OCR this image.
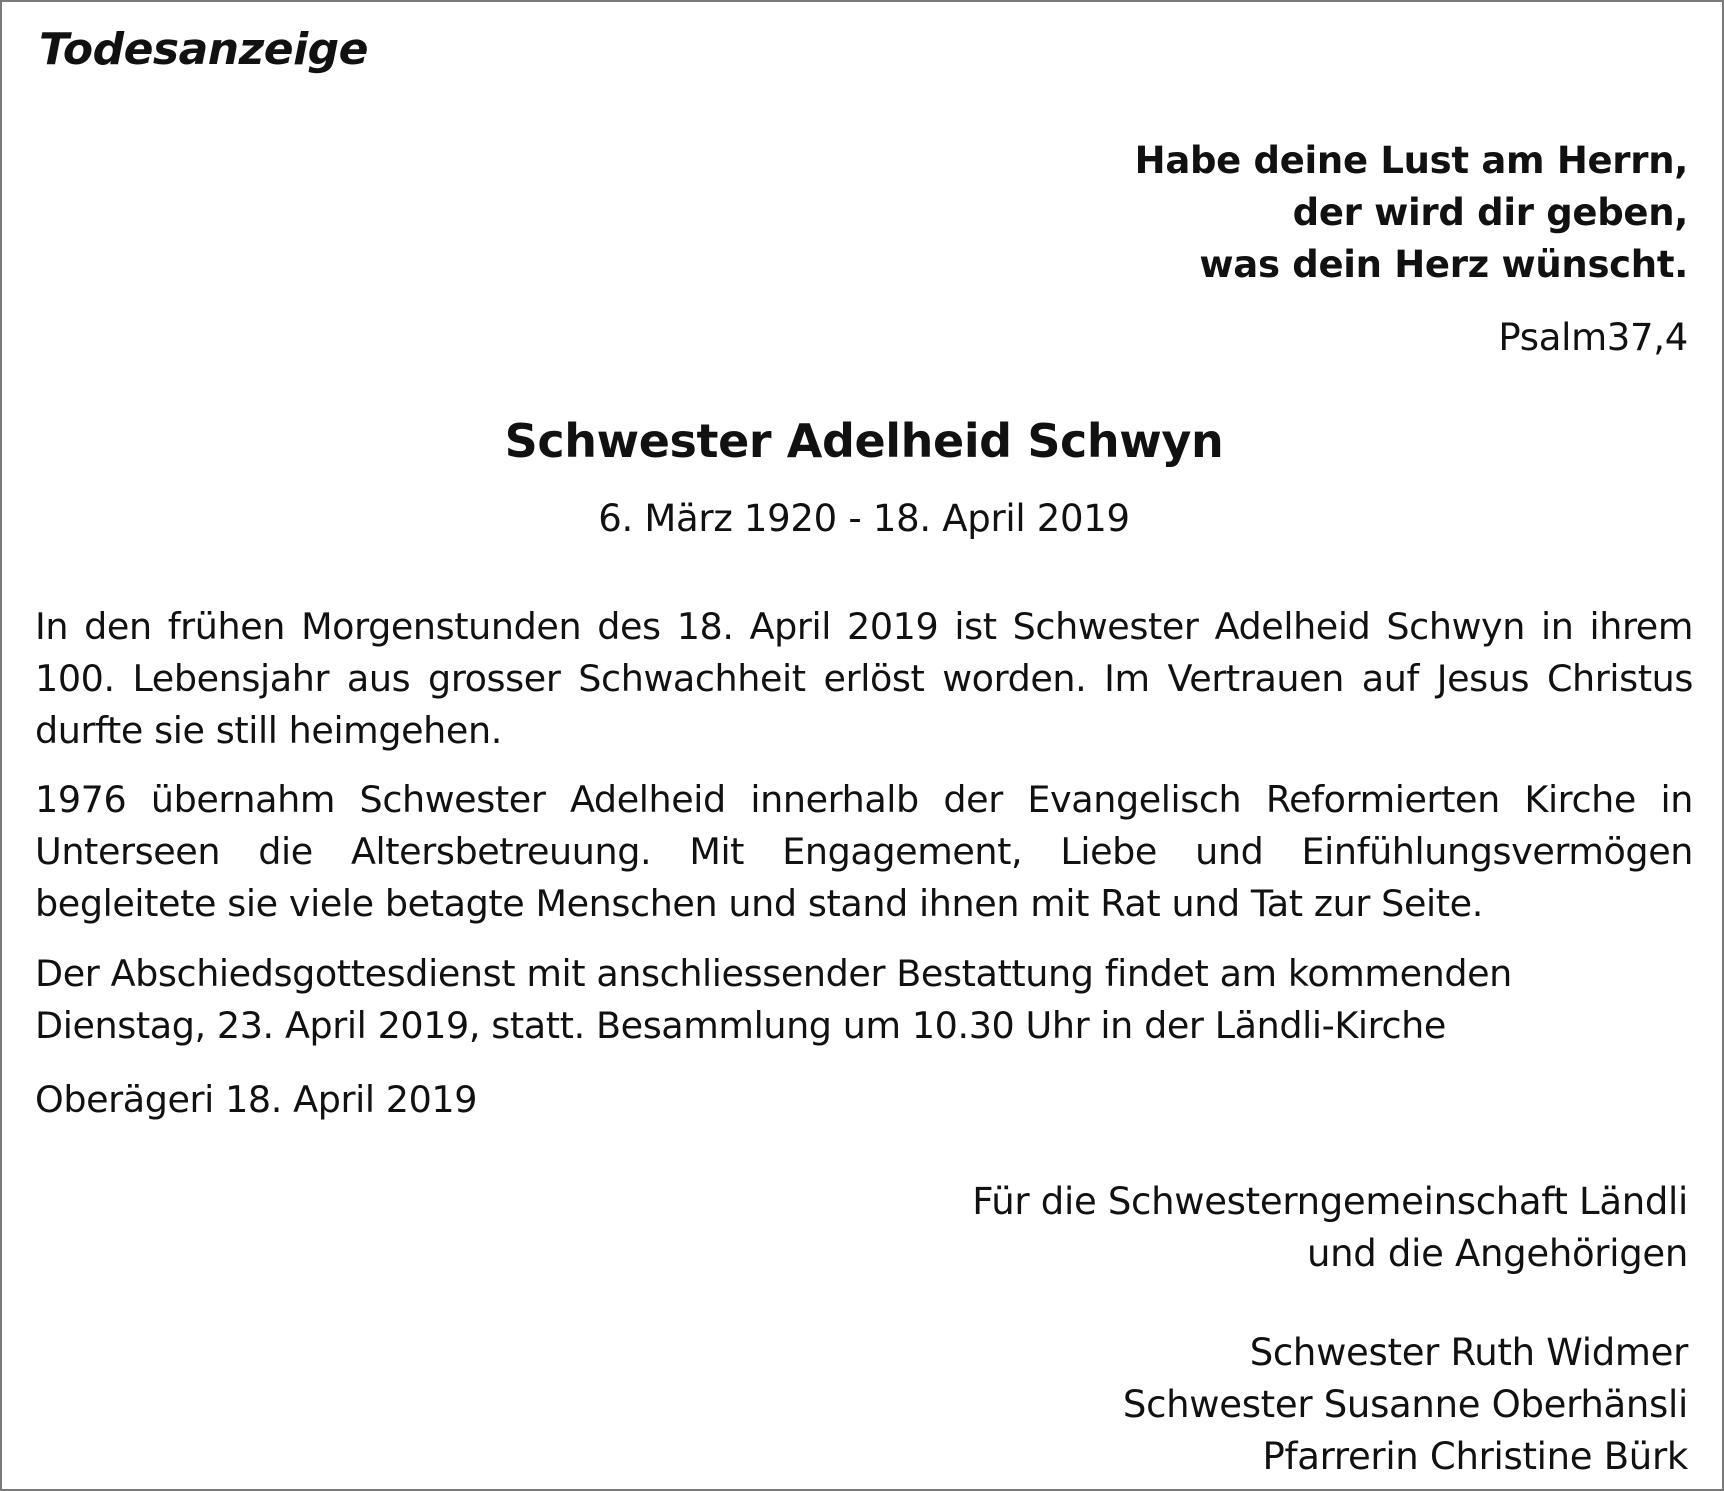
Todesanzeige
Habe deine Lust am Herrn,
der wird dir geben,
was dein Herz wünscht.
Psalm37,4
Schwester Adelheid Schwyn
6. März 1920 - 18. April 2019
In den frühen Morgenstunden des 18. April 2019 ist Schwester Adelheid Schwyn in ihrem 100. Lebensjahr aus grosser Schwachheit erlöst worden. Im Vertrauen auf Jesus Christus durfte sie still heimgehen.
1976 übernahm Schwester Adelheid innerhalb der Evangelisch Reformierten Kirche in Unterseen die Altersbetreuung. Mit Engagement, Liebe und Einfühlungsvermögen begleitete sie viele betagte Menschen und stand ihnen mit Rat und Tat zur Seite.
Der Abschiedsgottesdienst mit anschliessender Bestattung findet am kommenden
Dienstag, 23. April 2019, statt. Besammlung um 10.30 Uhr in der Ländli-Kirche
Oberägeri 18. April 2019
Für die Schwesterngemeinschaft Ländli
und die Angehörigen
Schwester Ruth Widmer
Schwester Susanne Oberhänsli
Pfarrerin Christine Bürk
